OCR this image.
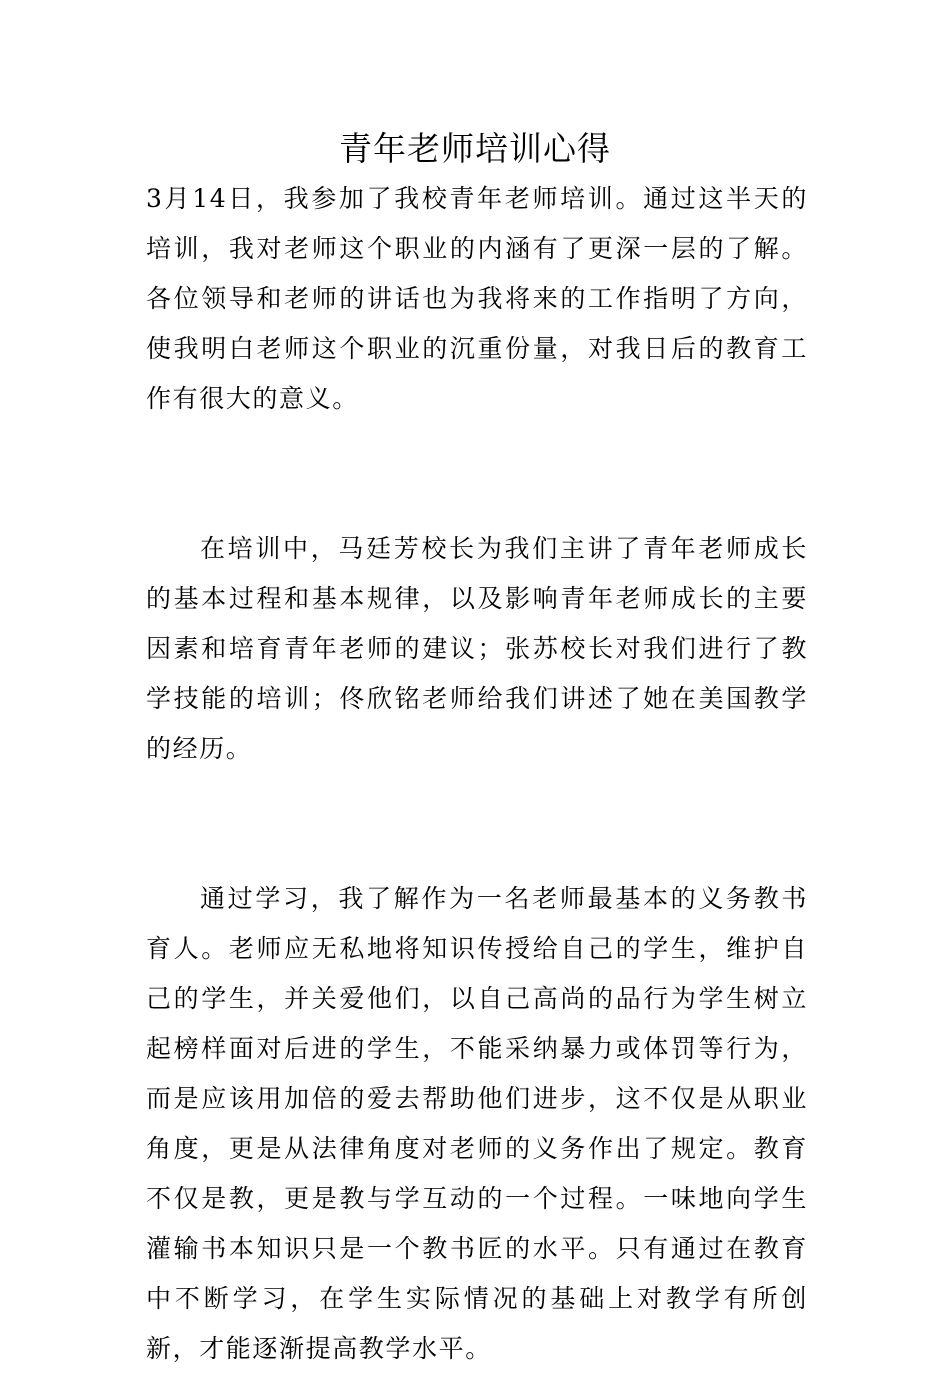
青年老师培训心得

3月14日，我参加了我校青年老师培训。通过这半天的培训，我对老师这个职业的内涵有了更深一层的了解。各位领导和老师的讲话也为我将来的工作指明了方向，使我明白老师这个职业的沉重份量，对我日后的教育工作有很大的意义。

在培训中，马廷芳校长为我们主讲了青年老师成长的基本过程和基本规律，以及影响青年老师成长的主要因素和培育青年老师的建议；张苏校长对我们进行了教学技能的培训；佟欣铭老师给我们讲述了她在美国教学的经历。

通过学习，我了解作为一名老师最基本的义务教书育人。老师应无私地将知识传授给自己的学生，维护自己的学生，并关爱他们，以自己高尚的品行为学生树立起榜样面对后进的学生，不能采纳暴力或体罚等行为，而是应该用加倍的爱去帮助他们进步，这不仅是从职业角度，更是从法律角度对老师的义务作出了规定。教育不仅是教，更是教与学互动的一个过程。一味地向学生灌输书本知识只是一个教书匠的水平。只有通过在教育中不断学习，在学生实际情况的基础上对教学有所创新，才能逐渐提高教学水平。
